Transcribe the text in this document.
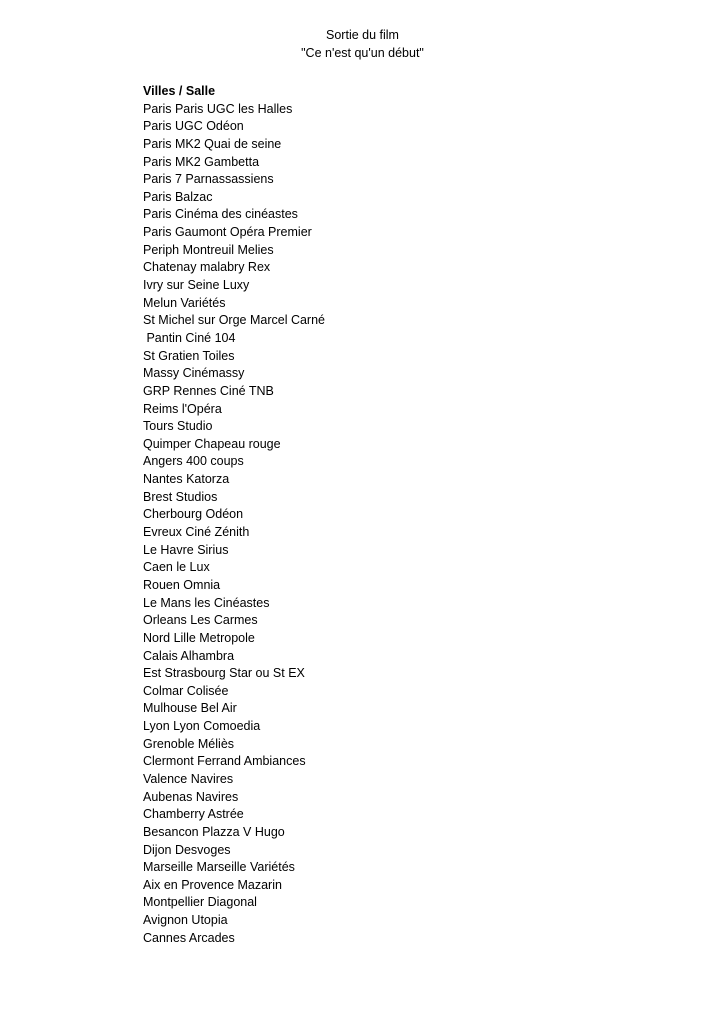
Sortie du film
"Ce n'est qu'un début"
Villes / Salle
Paris Paris UGC les Halles
Paris UGC Odéon
Paris MK2 Quai de seine
Paris MK2 Gambetta
Paris 7 Parnassassiens
Paris Balzac
Paris Cinéma des cinéastes
Paris Gaumont Opéra Premier
Periph Montreuil Melies
Chatenay malabry Rex
Ivry sur Seine Luxy
Melun Variétés
St Michel sur Orge Marcel Carné
Pantin Ciné 104
St Gratien Toiles
Massy Cinémassy
GRP Rennes Ciné TNB
Reims l'Opéra
Tours Studio
Quimper Chapeau rouge
Angers 400 coups
Nantes Katorza
Brest Studios
Cherbourg Odéon
Evreux Ciné Zénith
Le Havre Sirius
Caen le Lux
Rouen Omnia
Le Mans les Cinéastes
Orleans Les Carmes
Nord Lille Metropole
Calais Alhambra
Est Strasbourg Star ou St EX
Colmar Colisée
Mulhouse Bel Air
Lyon Lyon Comoedia
Grenoble Méliès
Clermont Ferrand Ambiances
Valence Navires
Aubenas Navires
Chamberry Astrée
Besancon Plazza V Hugo
Dijon Desvoges
Marseille Marseille Variétés
Aix en Provence Mazarin
Montpellier Diagonal
Avignon Utopia
Cannes Arcades
